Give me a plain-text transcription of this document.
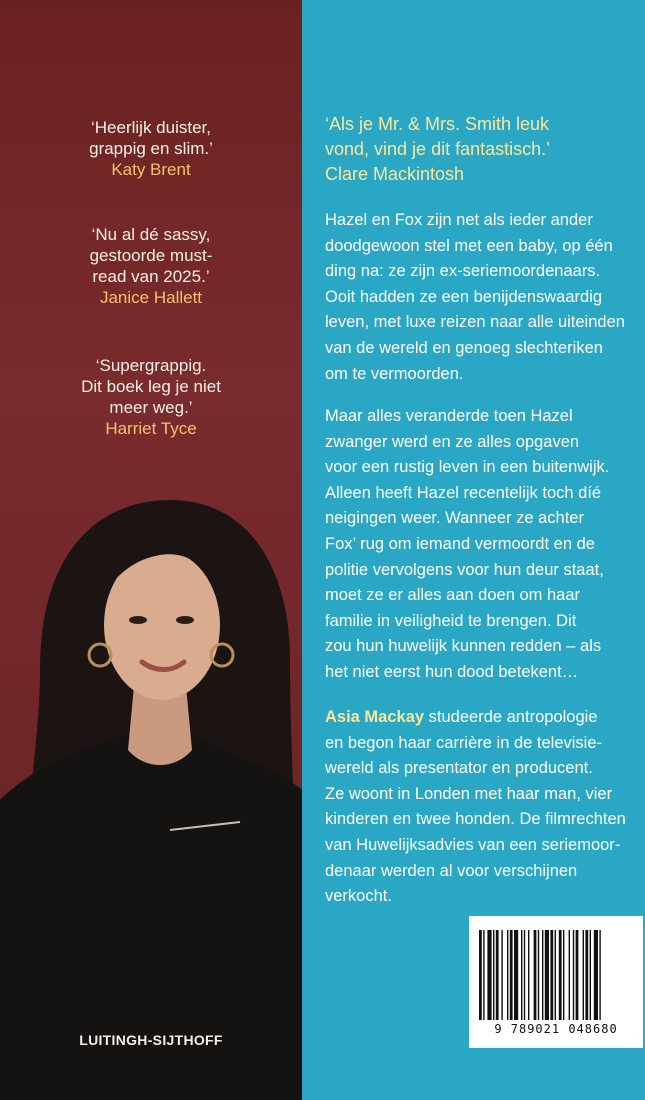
‘Heerlijk duister,
grappig en slim.’
Katy Brent
‘Nu al dé sassy,
gestoorde must-
read van 2025.’
Janice Hallett
‘Supergrappig.
Dit boek leg je niet
meer weg.’
Harriet Tyce
LUITINGH-SIJTHOFF
‘Als je Mr. & Mrs. Smith leuk
vond, vind je dit fantastisch.’
Clare Mackintosh
Hazel en Fox zijn net als ieder ander
doodgewoon stel met een baby, op één
ding na: ze zijn ex-seriemoordenaars.
Ooit hadden ze een benijdenswaardig
leven, met luxe reizen naar alle uiteinden
van de wereld en genoeg slechteriken
om te vermoorden.
Maar alles veranderde toen Hazel
zwanger werd en ze alles opgaven
voor een rustig leven in een buitenwijk.
Alleen heeft Hazel recentelijk toch díé
neigingen weer. Wanneer ze achter
Fox’ rug om iemand vermoordt en de
politie vervolgens voor hun deur staat,
moet ze er alles aan doen om haar
familie in veiligheid te brengen. Dit
zou hun huwelijk kunnen redden – als
het niet eerst hun dood betekent…
Asia Mackay studeerde antropologie
en begon haar carrière in de televisie-
wereld als presentator en producent.
Ze woont in Londen met haar man, vier
kinderen en twee honden. De filmrechten
van Huwelijksadvies van een seriemoor-
denaar werden al voor verschijnen
verkocht.
9 789021 048680
